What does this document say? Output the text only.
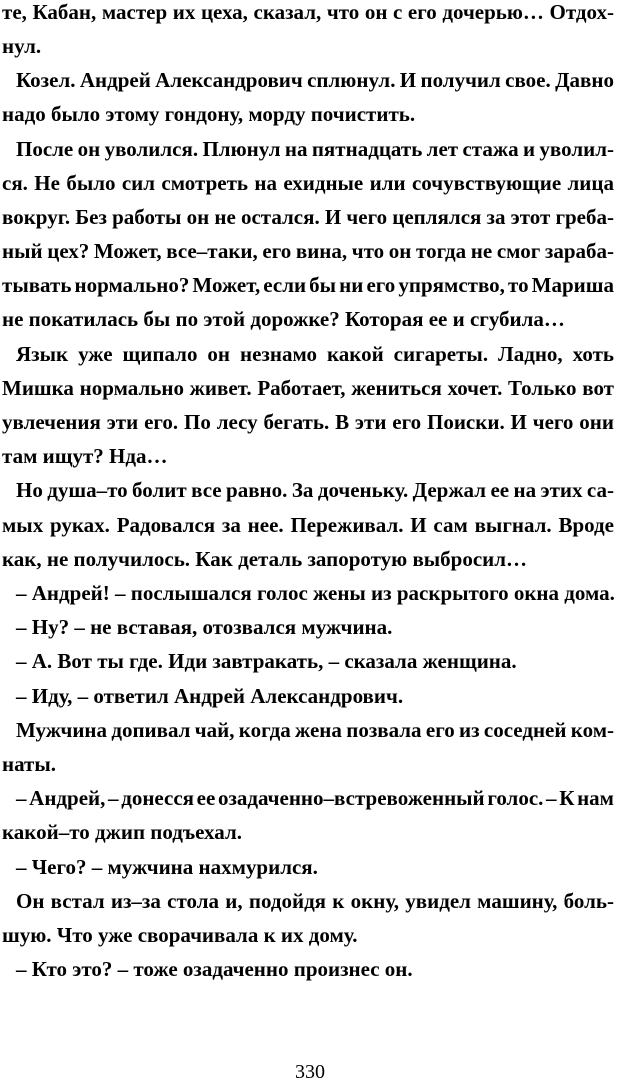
те, Кабан, мастер их цеха, сказал, что он с его дочерью… Отдох-
нул.
Козел. Андрей Александрович сплюнул. И получил свое. Давно
надо было этому гондону, морду почистить.
После он уволился. Плюнул на пятнадцать лет стажа и уволил-
ся. Не было сил смотреть на ехидные или сочувствующие лица
вокруг. Без работы он не остался. И чего цеплялся за этот греба-
ный цех? Может, все–таки, его вина, что он тогда не смог зараба-
тывать нормально? Может, если бы ни его упрямство, то Мариша
не покатилась бы по этой дорожке? Которая ее и сгубила…
Язык уже щипало он незнамо какой сигареты. Ладно, хоть
Мишка нормально живет. Работает, жениться хочет. Только вот
увлечения эти его. По лесу бегать. В эти его Поиски. И чего они
там ищут? Нда…
Но душа–то болит все равно. За доченьку. Держал ее на этих са-
мых руках. Радовался за нее. Переживал. И сам выгнал. Вроде
как, не получилось. Как деталь запоротую выбросил…
– Андрей! – послышался голос жены из раскрытого окна дома.
– Ну? – не вставая, отозвался мужчина.
– А. Вот ты где. Иди завтракать, – сказала женщина.
– Иду, – ответил Андрей Александрович.
Мужчина допивал чай, когда жена позвала его из соседней ком-
наты.
– Андрей, – донесся ее озадаченно–встревоженный голос. – К нам
какой–то джип подъехал.
– Чего? – мужчина нахмурился.
Он встал из–за стола и, подойдя к окну, увидел машину, боль-
шую. Что уже сворачивала к их дому.
– Кто это? – тоже озадаченно произнес он.
330
